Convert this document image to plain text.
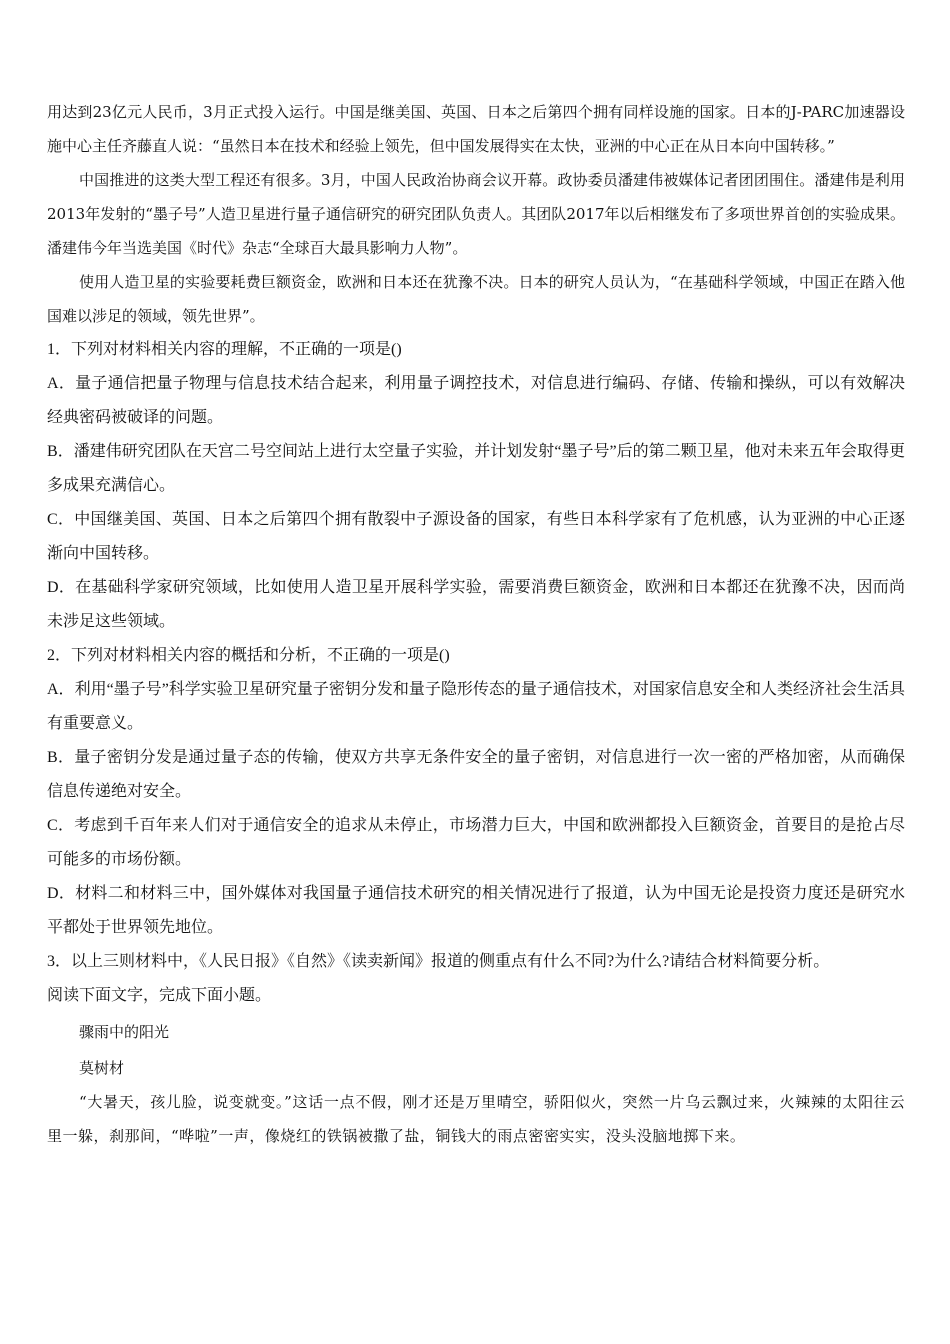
用达到23亿元人民币，3月正式投入运行。中国是继美国、英国、日本之后第四个拥有同样设施的国家。日本的J-PARC加速器设施中心主任齐藤直人说：“虽然日本在技术和经验上领先，但中国发展得实在太快，亚洲的中心正在从日本向中国转移。”

中国推进的这类大型工程还有很多。3月，中国人民政治协商会议开幕。政协委员潘建伟被媒体记者团团围住。潘建伟是利用2013年发射的“墨子号”人造卫星进行量子通信研究的研究团队负责人。其团队2017年以后相继发布了多项世界首创的实验成果。潘建伟今年当选美国《时代》杂志“全球百大最具影响力人物”。

使用人造卫星的实验要耗费巨额资金，欧洲和日本还在犹豫不决。日本的研究人员认为，“在基础科学领域，中国正在踏入他国难以涉足的领域，领先世界”。

1．下列对材料相关内容的理解，不正确的一项是()

A．量子通信把量子物理与信息技术结合起来，利用量子调控技术，对信息进行编码、存储、传输和操纵，可以有效解决经典密码被破译的问题。

B．潘建伟研究团队在天宫二号空间站上进行太空量子实验，并计划发射“墨子号”后的第二颗卫星，他对未来五年会取得更多成果充满信心。

C．中国继美国、英国、日本之后第四个拥有散裂中子源设备的国家，有些日本科学家有了危机感，认为亚洲的中心正逐渐向中国转移。

D．在基础科学家研究领域，比如使用人造卫星开展科学实验，需要消费巨额资金，欧洲和日本都还在犹豫不决，因而尚未涉足这些领域。

2．下列对材料相关内容的概括和分析，不正确的一项是()

A．利用“墨子号”科学实验卫星研究量子密钥分发和量子隐形传态的量子通信技术，对国家信息安全和人类经济社会生活具有重要意义。

B．量子密钥分发是通过量子态的传输，使双方共享无条件安全的量子密钥，对信息进行一次一密的严格加密，从而确保信息传递绝对安全。

C．考虑到千百年来人们对于通信安全的追求从未停止，市场潜力巨大，中国和欧洲都投入巨额资金，首要目的是抢占尽可能多的市场份额。

D．材料二和材料三中，国外媒体对我国量子通信技术研究的相关情况进行了报道，认为中国无论是投资力度还是研究水平都处于世界领先地位。

3．以上三则材料中，《人民日报》《自然》《读卖新闻》报道的侧重点有什么不同?为什么?请结合材料简要分析。

阅读下面文字，完成下面小题。

骤雨中的阳光

莫树材

“大暑天，孩儿脸，说变就变。”这话一点不假，刚才还是万里晴空，骄阳似火，突然一片乌云飘过来，火辣辣的太阳往云里一躲，刹那间，“哗啦”一声，像烧红的铁锅被撒了盐，铜钱大的雨点密密实实，没头没脑地掷下来。
